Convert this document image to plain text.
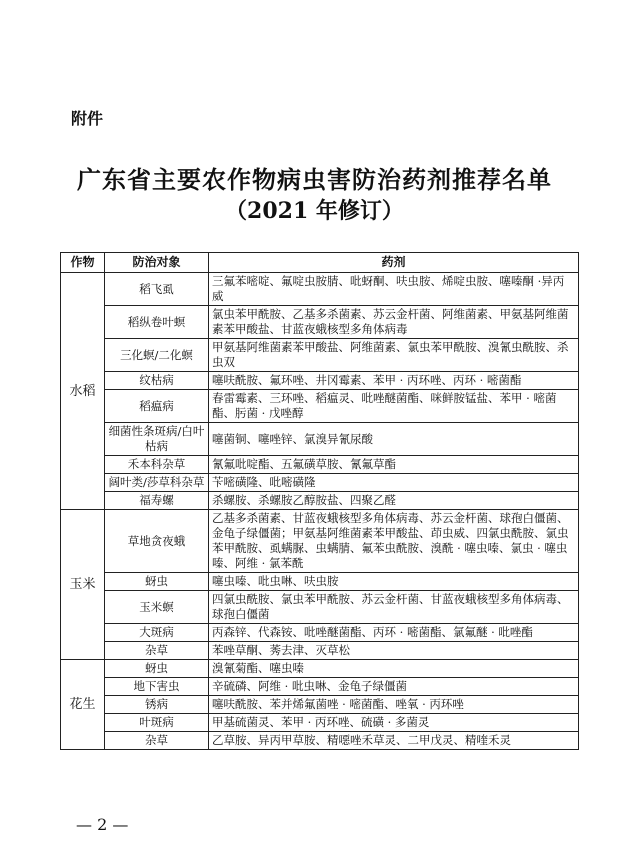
附件
广东省主要农作物病虫害防治药剂推荐名单
（2021 年修订）
作物	防治对象	药剂
水稻	稻飞虱	三氟苯嘧啶、氟啶虫胺腈、吡蚜酮、呋虫胺、烯啶虫胺、噻嗪酮 ·异丙威
	稻纵卷叶螟	氯虫苯甲酰胺、乙基多杀菌素、苏云金杆菌、阿维菌素、甲氨基阿维菌素苯甲酸盐、甘蓝夜蛾核型多角体病毒
	三化螟/二化螟	甲氨基阿维菌素苯甲酸盐、阿维菌素、氯虫苯甲酰胺、溴氰虫酰胺、杀虫双
	纹枯病	噻呋酰胺、氟环唑、井冈霉素、苯甲 · 丙环唑、丙环 · 嘧菌酯
	稻瘟病	春雷霉素、三环唑、稻瘟灵、吡唑醚菌酯、咪鲜胺锰盐、苯甲 · 嘧菌酯、肟菌 · 戊唑醇
	细菌性条斑病/白叶枯病	噻菌铜、噻唑锌、氯溴异氰尿酸
	禾本科杂草	氰氟吡啶酯、五氟磺草胺、氰氟草酯
	阔叶类/莎草科杂草	苄嘧磺隆、吡嘧磺隆
	福寿螺	杀螺胺、杀螺胺乙醇胺盐、四聚乙醛
玉米	草地贪夜蛾	乙基多杀菌素、甘蓝夜蛾核型多角体病毒、苏云金杆菌、球孢白僵菌、金龟子绿僵菌；甲氨基阿维菌素苯甲酸盐、茚虫威、四氯虫酰胺、氯虫苯甲酰胺、虱螨脲、虫螨腈、氟苯虫酰胺、溴酰 · 噻虫嗪、氯虫 · 噻虫嗪、阿维 · 氯苯酰
	蚜虫	噻虫嗪、吡虫啉、呋虫胺
	玉米螟	四氯虫酰胺、氯虫苯甲酰胺、苏云金杆菌、甘蓝夜蛾核型多角体病毒、球孢白僵菌
	大斑病	丙森锌、代森铵、吡唑醚菌酯、丙环 · 嘧菌酯、氯氟醚 · 吡唑酯
	杂草	苯唑草酮、莠去津、灭草松
花生	蚜虫	溴氰菊酯、噻虫嗪
	地下害虫	辛硫磷、阿维 · 吡虫啉、金龟子绿僵菌
	锈病	噻呋酰胺、苯并烯氟菌唑 · 嘧菌酯、唑氧 · 丙环唑
	叶斑病	甲基硫菌灵、苯甲 · 丙环唑、硫磺 · 多菌灵
	杂草	乙草胺、异丙甲草胺、精噁唑禾草灵、二甲戊灵、精喹禾灵
— 2 —
